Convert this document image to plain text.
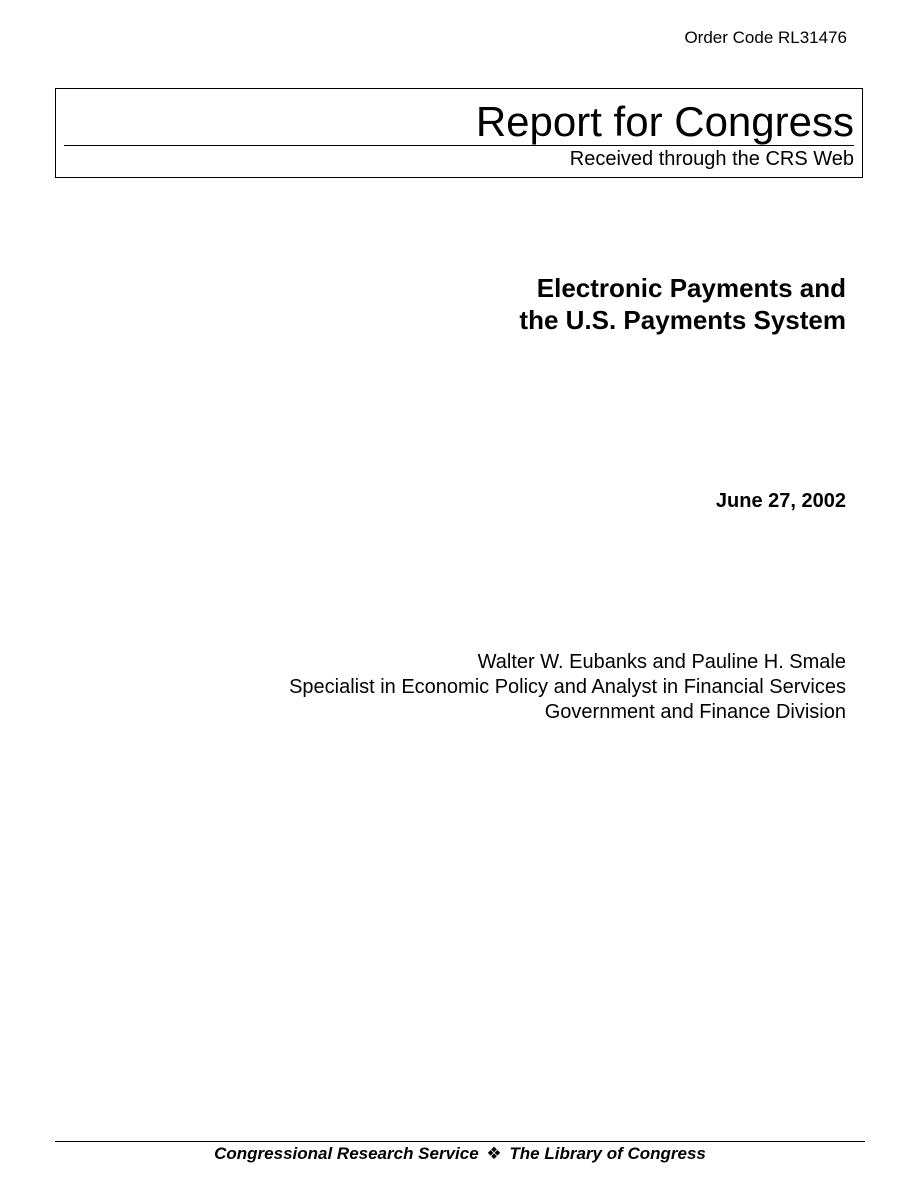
Order Code RL31476
Report for Congress
Received through the CRS Web
Electronic Payments and
the U.S. Payments System
June 27, 2002
Walter W. Eubanks and Pauline H. Smale
Specialist in Economic Policy and Analyst in Financial Services
Government and Finance Division
Congressional Research Service ❖ The Library of Congress
